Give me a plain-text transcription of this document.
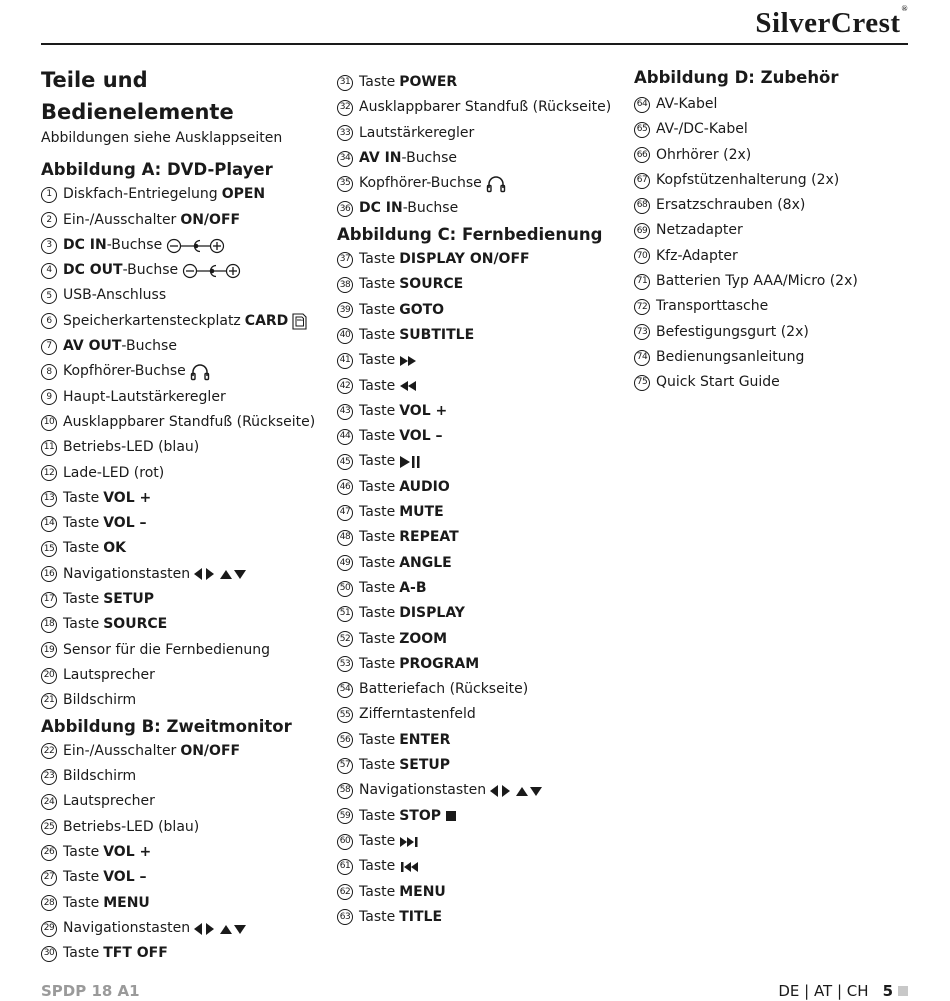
SilverCrest®
Teile und Bedienelemente

Abbildungen siehe Ausklappseiten

Abbildung A: DVD-Player
1 Diskfach-Entriegelung OPEN
2 Ein-/Ausschalter ON/OFF
3 DC IN -Buchse
4 DC OUT -Buchse
5 USB-Anschluss
6 Speicherkartensteckplatz CARD
7 AV OUT -Buchse
8 Kopfhörer-Buchse
9 Haupt-Lautstärkeregler
10 Ausklappbarer Standfuß (Rückseite)
11 Betriebs-LED (blau)
12 Lade-LED (rot)
13 Taste VOL +
14 Taste VOL –
15 Taste OK
16 Navigationstasten
17 Taste SETUP
18 Taste SOURCE
19 Sensor für die Fernbedienung
20 Lautsprecher
21 Bildschirm
Abbildung B: Zweitmonitor
22 Ein-/Ausschalter ON/OFF
23 Bildschirm
24 Lautsprecher
25 Betriebs-LED (blau)
26 Taste VOL +
27 Taste VOL –
28 Taste MENU
29 Navigationstasten
30 Taste TFT OFF
31 Taste POWER
32 Ausklappbarer Standfuß (Rückseite)
33 Lautstärkeregler
34 AV IN -Buchse
35 Kopfhörer-Buchse
36 DC IN -Buchse
Abbildung C: Fernbedienung
37 Taste DISPLAY ON/OFF
38 Taste SOURCE
39 Taste GOTO
40 Taste SUBTITLE
41 Taste
42 Taste
43 Taste VOL +
44 Taste VOL –
45 Taste
46 Taste AUDIO
47 Taste MUTE
48 Taste REPEAT
49 Taste ANGLE
50 Taste A-B
51 Taste DISPLAY
52 Taste ZOOM
53 Taste PROGRAM
54 Batteriefach (Rückseite)
55 Zifferntastenfeld
56 Taste ENTER
57 Taste SETUP
58 Navigationstasten
59 Taste STOP
60 Taste
61 Taste
62 Taste MENU
63 Taste TITLE
Abbildung D: Zubehör
64 AV-Kabel
65 AV-/DC-Kabel
66 Ohrhörer (2x)
67 Kopfstützenhalterung (2x)
68 Ersatzschrauben (8x)
69 Netzadapter
70 Kfz-Adapter
71 Batterien Typ AAA/Micro (2x)
72 Transporttasche
73 Befestigungsgurt (2x)
74 Bedienungsanleitung
75 Quick Start Guide
SPDP 18 A1	DE | AT | CH 5
